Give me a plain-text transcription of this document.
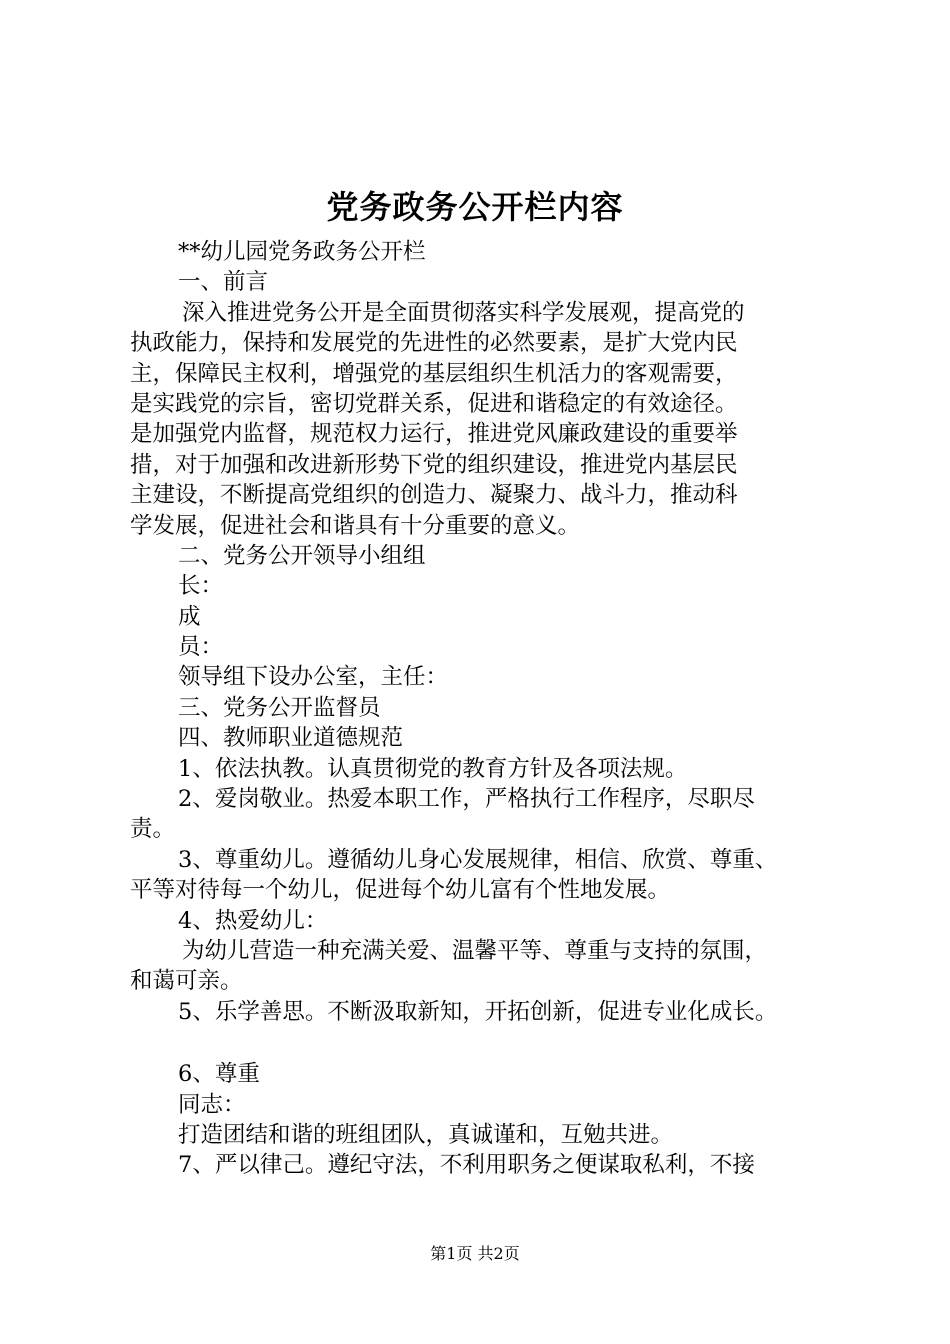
党务政务公开栏内容
**幼儿园党务政务公开栏
一、前言
深入推进党务公开是全面贯彻落实科学发展观，提高党的
执政能力，保持和发展党的先进性的必然要素，是扩大党内民
主，保障民主权利，增强党的基层组织生机活力的客观需要，
是实践党的宗旨，密切党群关系，促进和谐稳定的有效途径。
是加强党内监督，规范权力运行，推进党风廉政建设的重要举
措，对于加强和改进新形势下党的组织建设，推进党内基层民
主建设，不断提高党组织的创造力、凝聚力、战斗力，推动科
学发展，促进社会和谐具有十分重要的意义。
二、党务公开领导小组组
长：
成
员：
领导组下设办公室，主任：
三、党务公开监督员
四、教师职业道德规范
1、依法执教。认真贯彻党的教育方针及各项法规。
2、爱岗敬业。热爱本职工作，严格执行工作程序，尽职尽
责。
3、尊重幼儿。遵循幼儿身心发展规律，相信、欣赏、尊重、
平等对待每一个幼儿，促进每个幼儿富有个性地发展。
4、热爱幼儿：
为幼儿营造一种充满关爱、温馨平等、尊重与支持的氛围，
和蔼可亲。
5、乐学善思。不断汲取新知，开拓创新，促进专业化成长。
6、尊重
同志：
打造团结和谐的班组团队，真诚谨和，互勉共进。
7、严以律己。遵纪守法，不利用职务之便谋取私利，不接
第1页 共2页
